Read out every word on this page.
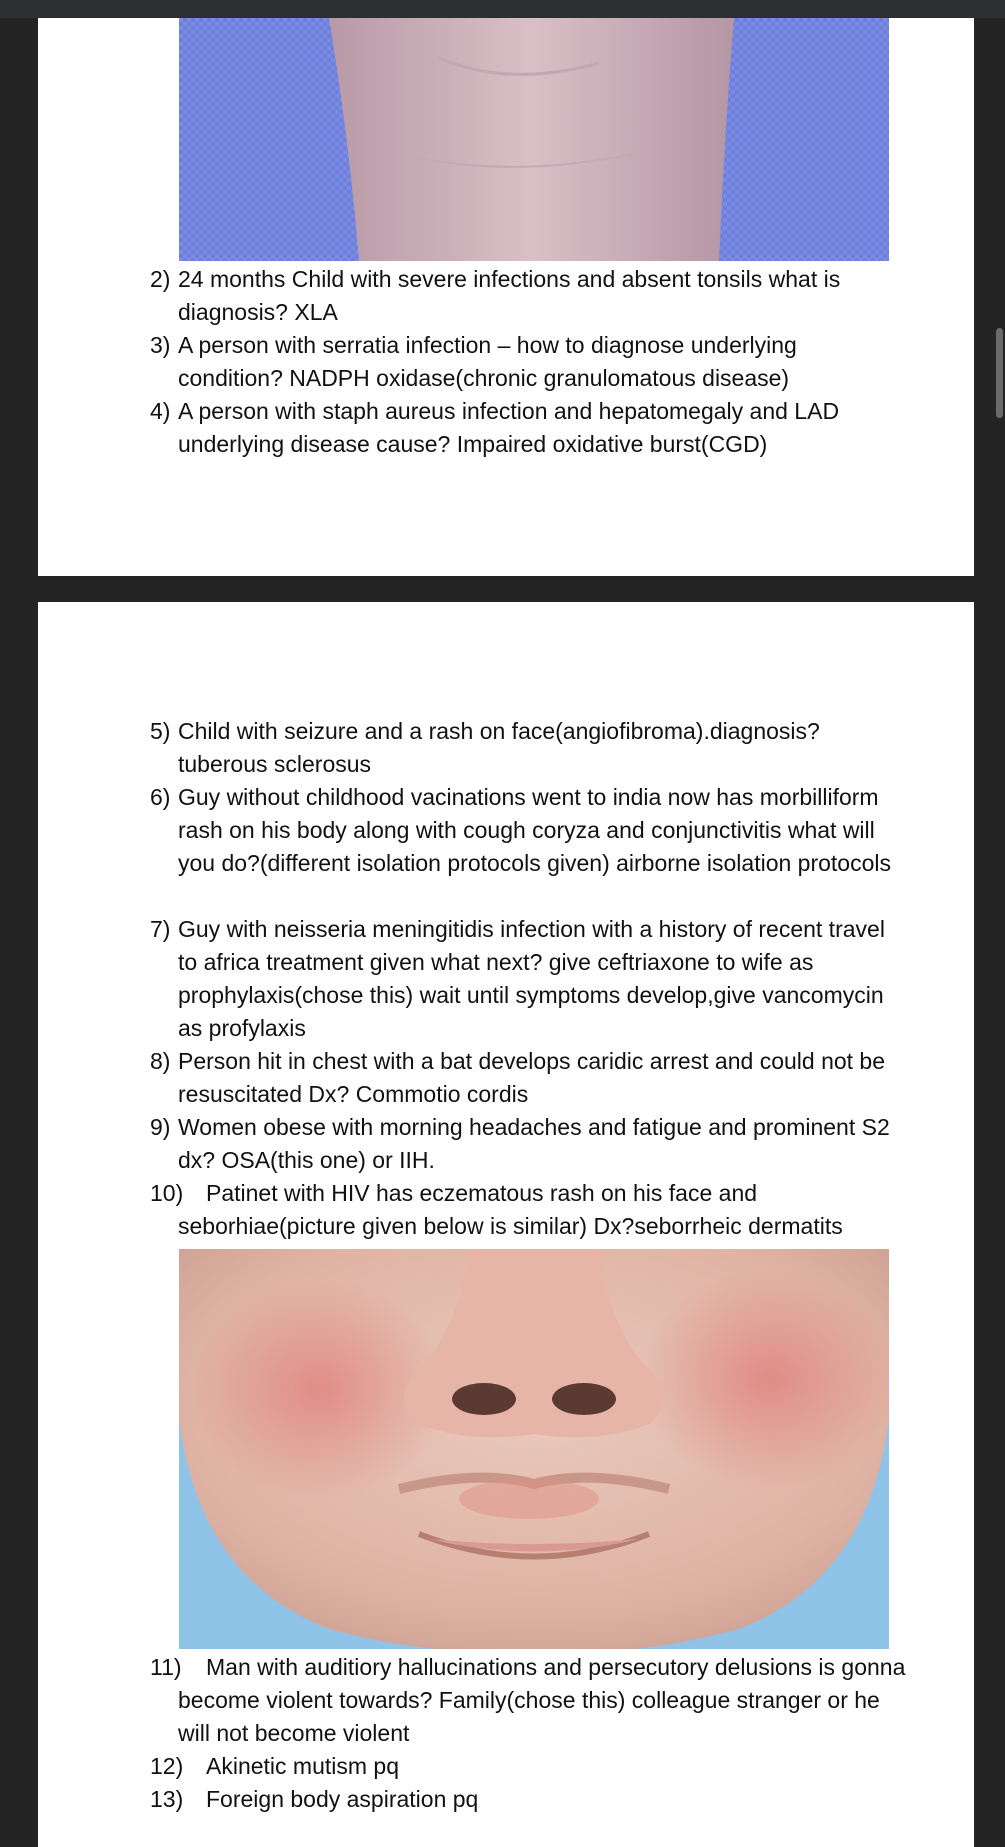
2) 24 months Child with severe infections and absent tonsils what is diagnosis? XLA
3) A person with serratia infection – how to diagnose underlying condition? NADPH oxidase(chronic granulomatous disease)
4) A person with staph aureus infection and hepatomegaly and LAD underlying disease cause? Impaired oxidative burst(CGD)
5) Child with seizure and a rash on face(angiofibroma).diagnosis? tuberous sclerosus
6) Guy without childhood vacinations went to india now has morbilliform rash on his body along with cough coryza and conjunctivitis what will you do?(different isolation protocols given) airborne isolation protocols
7) Guy with neisseria meningitidis infection with a history of recent travel to africa treatment given what next? give ceftriaxone to wife as prophylaxis(chose this) wait until symptoms develop,give vancomycin as profylaxis
8) Person hit in chest with a bat develops caridic arrest and could not be resuscitated Dx? Commotio cordis
9) Women obese with morning headaches and fatigue and prominent S2 dx? OSA(this one) or IIH.
10) Patinet with HIV has eczematous rash on his face and seborhiae(picture given below is similar) Dx?seborrheic dermatits
11)	Man with auditiory hallucinations and persecutory delusions is gonna become violent towards? Family(chose this) colleague stranger or he will not become violent
12) Akinetic mutism pq
13) Foreign body aspiration pq
